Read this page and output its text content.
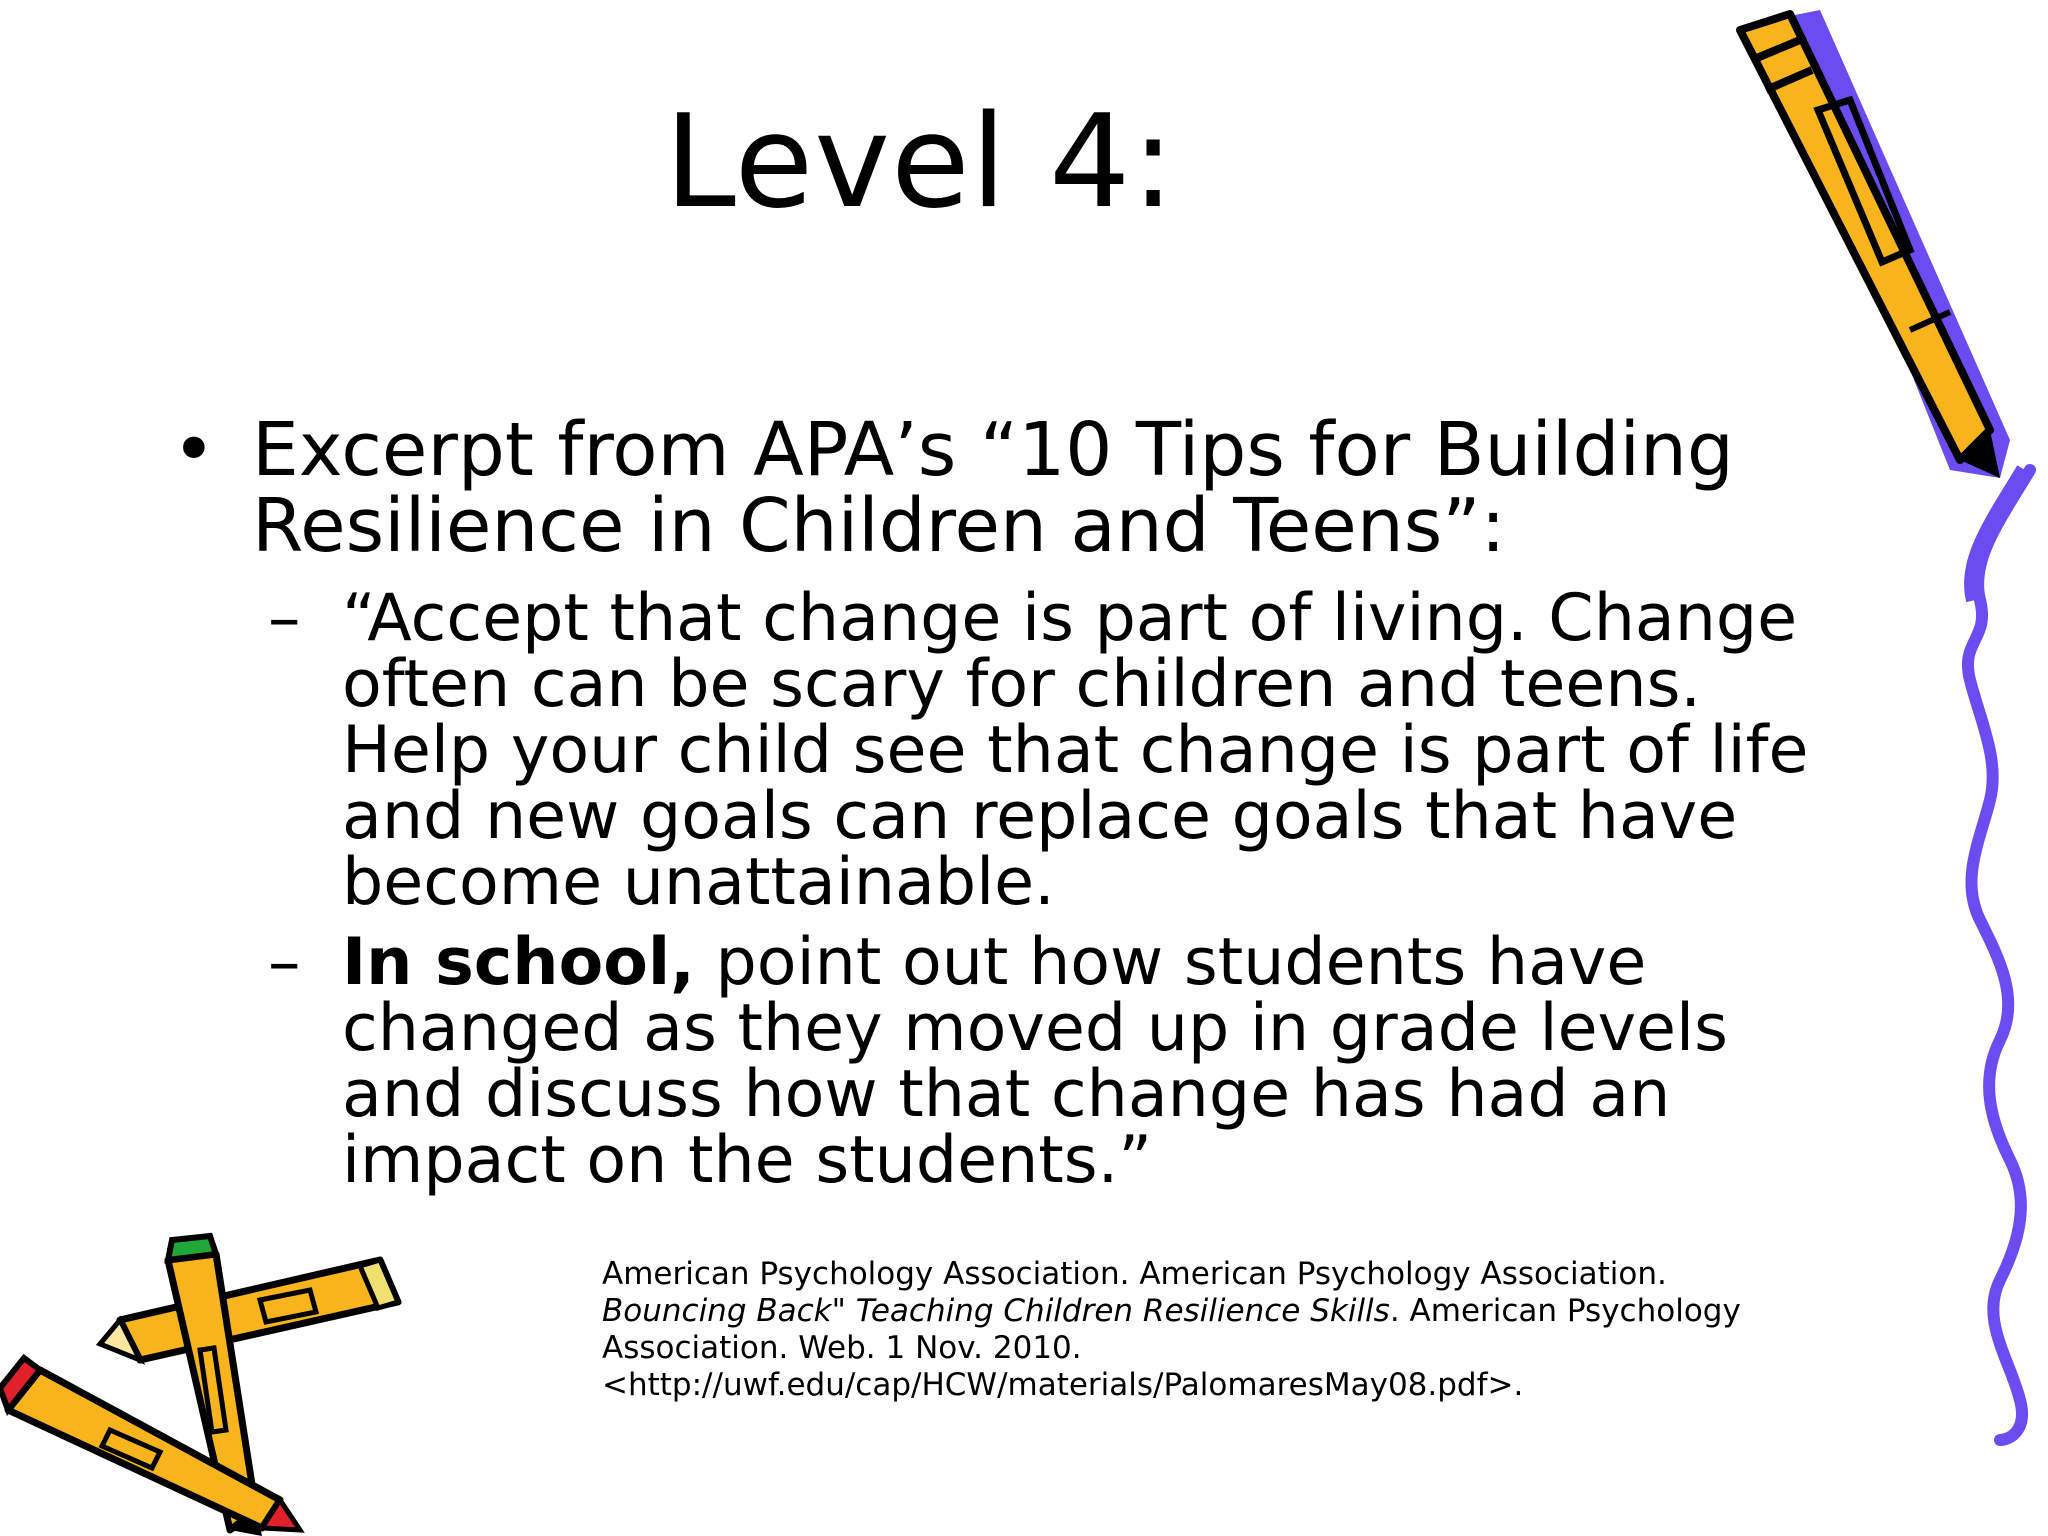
Level 4:
• Excerpt from APA’s “10 Tips for Building
Resilience in Children and Teens”:
– “Accept that change is part of living. Change often can be scary for children and teens. Help your child see that change is part of life and new goals can replace goals that have become unattainable.
– In school, point out how students have changed as they moved up in grade levels and discuss how that change has had an impact on the students.”
American Psychology Association. American Psychology Association.
Bouncing Back" Teaching Children Resilience Skills. American Psychology Association. Web. 1 Nov. 2010.
<http://uwf.edu/cap/HCW/materials/PalomaresMay08.pdf>.
